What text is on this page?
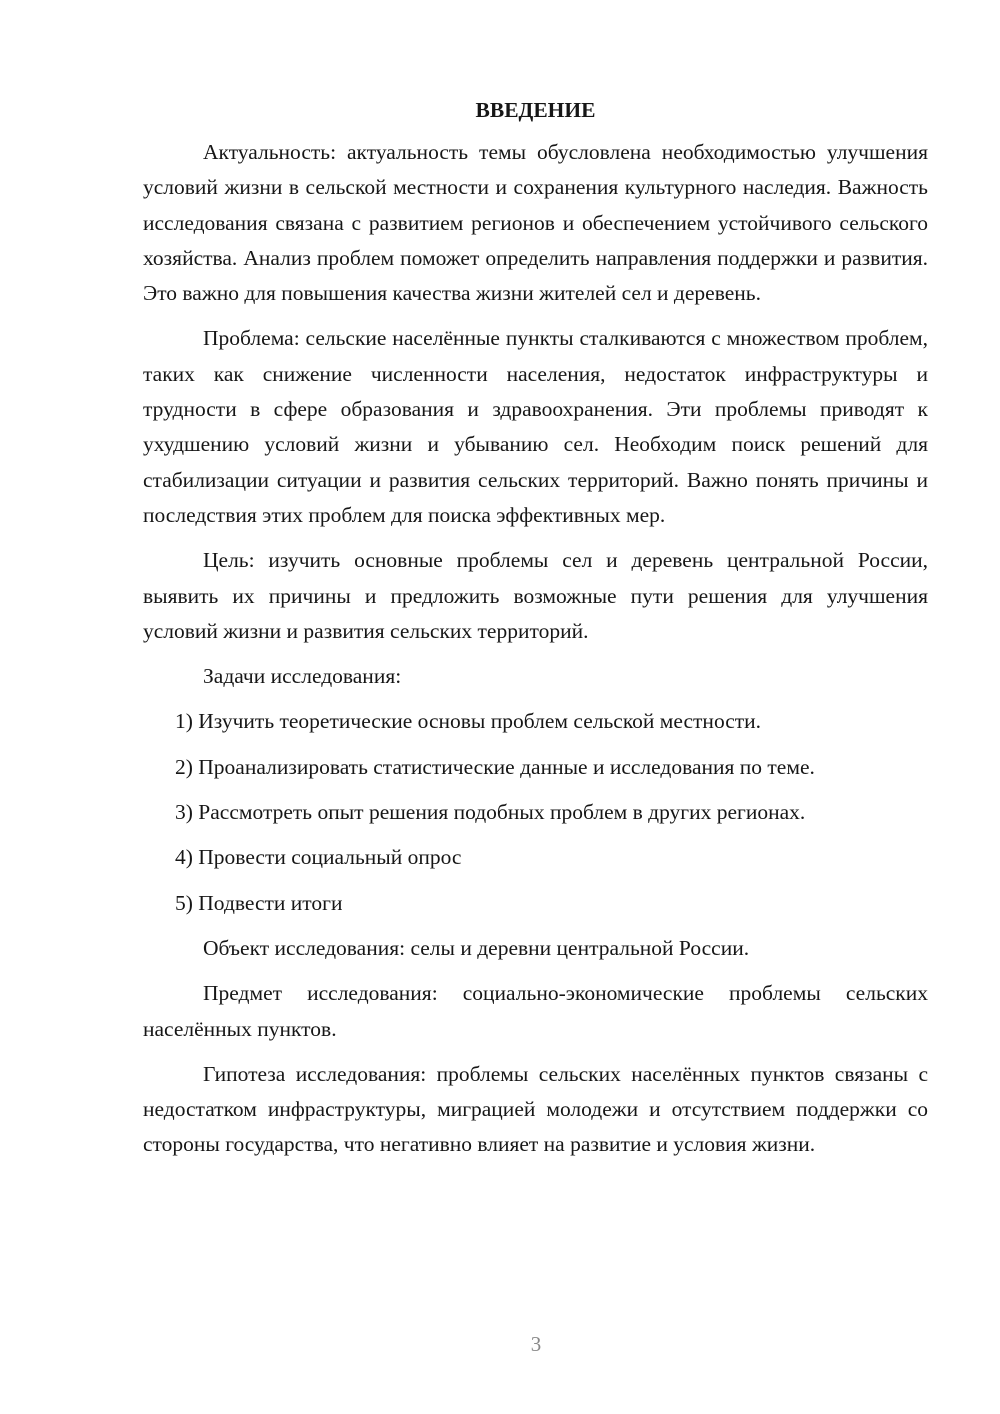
ВВЕДЕНИЕ

Актуальность: актуальность темы обусловлена необходимостью улучшения условий жизни в сельской местности и сохранения культурного наследия. Важность исследования связана с развитием регионов и обеспечением устойчивого сельского хозяйства. Анализ проблем поможет определить направления поддержки и развития. Это важно для повышения качества жизни жителей сел и деревень.

Проблема: сельские населённые пункты сталкиваются с множеством проблем, таких как снижение численности населения, недостаток инфраструктуры и трудности в сфере образования и здравоохранения. Эти проблемы приводят к ухудшению условий жизни и убыванию сел. Необходим поиск решений для стабилизации ситуации и развития сельских территорий. Важно понять причины и последствия этих проблем для поиска эффективных мер.

Цель: изучить основные проблемы сел и деревень центральной России, выявить их причины и предложить возможные пути решения для улучшения условий жизни и развития сельских территорий.

Задачи исследования:

1) Изучить теоретические основы проблем сельской местности.

2) Проанализировать статистические данные и исследования по теме.

3) Рассмотреть опыт решения подобных проблем в других регионах.

4) Провести социальный опрос

5) Подвести итоги

Объект исследования: селы и деревни центральной России.

Предмет исследования: социально-экономические проблемы сельских населённых пунктов.

Гипотеза исследования: проблемы сельских населённых пунктов связаны с недостатком инфраструктуры, миграцией молодежи и отсутствием поддержки со стороны государства, что негативно влияет на развитие и условия жизни.

3
